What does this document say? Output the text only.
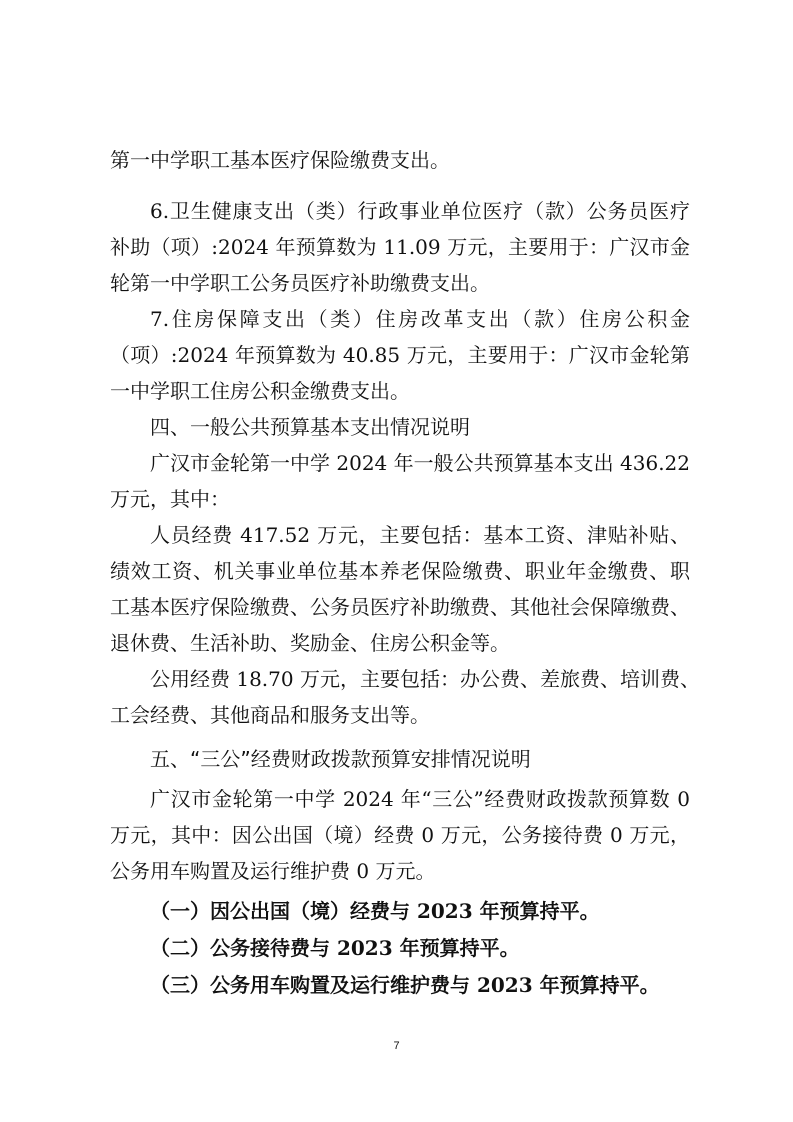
第一中学职工基本医疗保险缴费支出。
6.卫生健康支出（类）行政事业单位医疗（款）公务员医疗
补助（项）:2024 年预算数为 11.09 万元，主要用于：广汉市金
轮第一中学职工公务员医疗补助缴费支出。
7.住房保障支出（类）住房改革支出（款）住房公积金
（项）:2024 年预算数为 40.85 万元，主要用于：广汉市金轮第
一中学职工住房公积金缴费支出。
四、一般公共预算基本支出情况说明
广汉市金轮第一中学 2024 年一般公共预算基本支出 436.22
万元，其中：
人员经费 417.52 万元，主要包括：基本工资、津贴补贴、
绩效工资、机关事业单位基本养老保险缴费、职业年金缴费、职
工基本医疗保险缴费、公务员医疗补助缴费、其他社会保障缴费、
退休费、生活补助、奖励金、住房公积金等。
公用经费 18.70 万元，主要包括：办公费、差旅费、培训费、
工会经费、其他商品和服务支出等。
五、“三公”经费财政拨款预算安排情况说明
广汉市金轮第一中学 2024 年“三公”经费财政拨款预算数 0
万元，其中：因公出国（境）经费 0 万元，公务接待费 0 万元，
公务用车购置及运行维护费 0 万元。
（一）因公出国（境）经费与 2023 年预算持平。
（二）公务接待费与 2023 年预算持平。
（三）公务用车购置及运行维护费与 2023 年预算持平。
7
